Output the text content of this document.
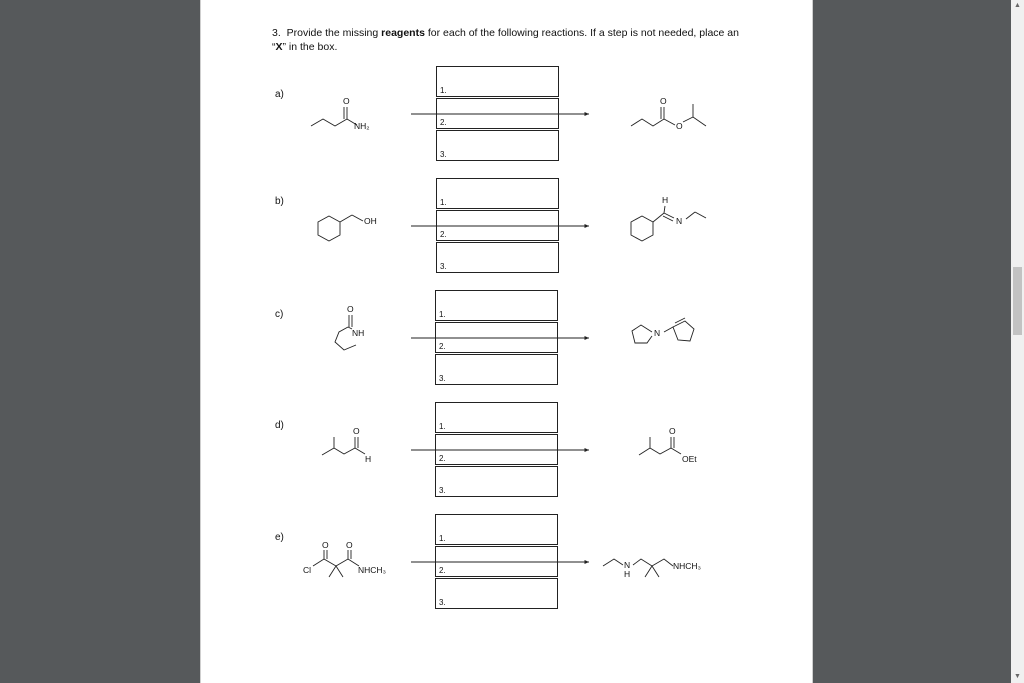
3. Provide the missing reagents for each of the following reactions. If a step is not needed, place an “X” in the box.
a)
b)
c)
d)
e)
1.
2.
3.
1.
2.
3.
1.
2.
3.
1.
2.
3.
1.
2.
3.
O
NH₂
O
O
OH
H
N
O
NH	N
O
H
O
OEt
O O
Cl	NHCH₃	N
H
NHCH₃
▲
▼
